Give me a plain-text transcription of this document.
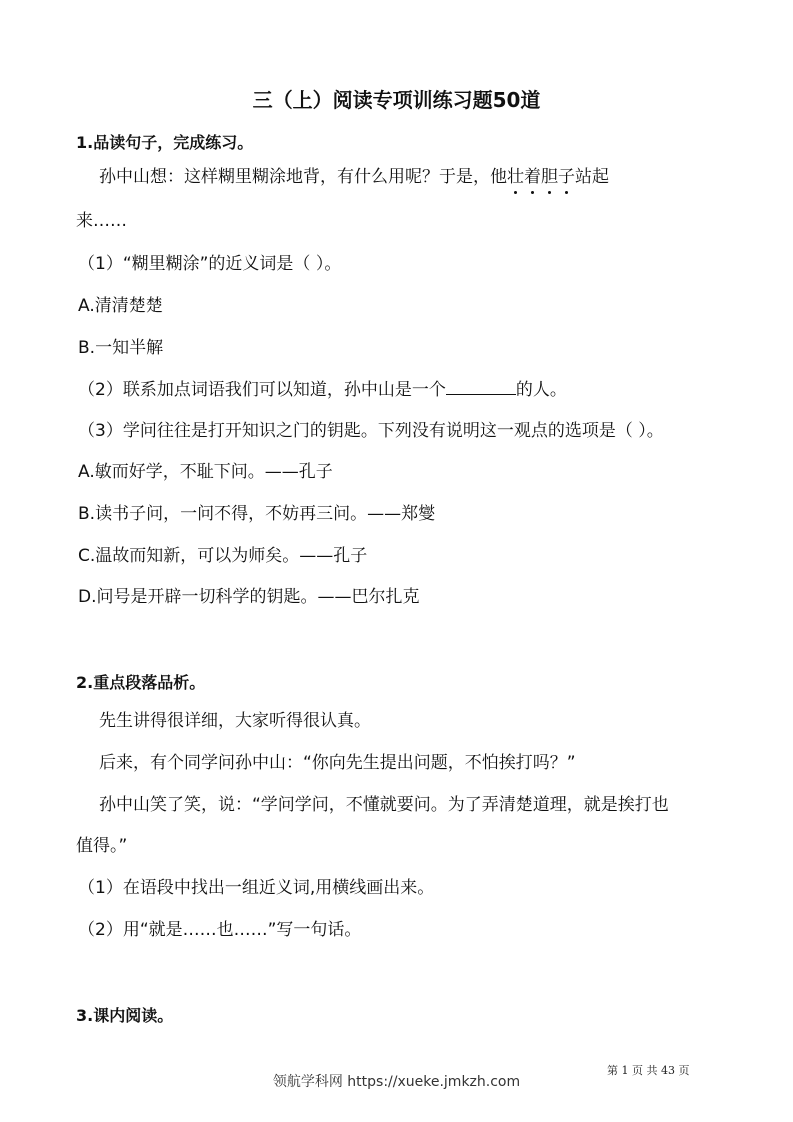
三（上）阅读专项训练习题50道
1.品读句子，完成练习。
孙中山想：这样糊里糊涂地背，有什么用呢？于是，他壮着胆子站起
来……
（1）“糊里糊涂”的近义词是（ ）。
A.清清楚楚
B.一知半解
（2）联系加点词语我们可以知道，孙中山是一个	的人。
（3）学问往往是打开知识之门的钥匙。下列没有说明这一观点的选项是（ ）。
A.敏而好学，不耻下问。——孔子
B.读书子问，一问不得，不妨再三问。——郑燮
C.温故而知新，可以为师矣。——孔子
D.问号是开辟一切科学的钥匙。——巴尔扎克
2.重点段落品析。
先生讲得很详细，大家听得很认真。
后来，有个同学问孙中山：“你向先生提出问题，不怕挨打吗？”
孙中山笑了笑，说：“学问学问，不懂就要问。为了弄清楚道理，就是挨打也
值得。”
（1）在语段中找出一组近义词,用横线画出来。
（2）用“就是……也……”写一句话。
3.课内阅读。
第 1 页 共 43 页
领航学科网 https://xueke.jmkzh.com
